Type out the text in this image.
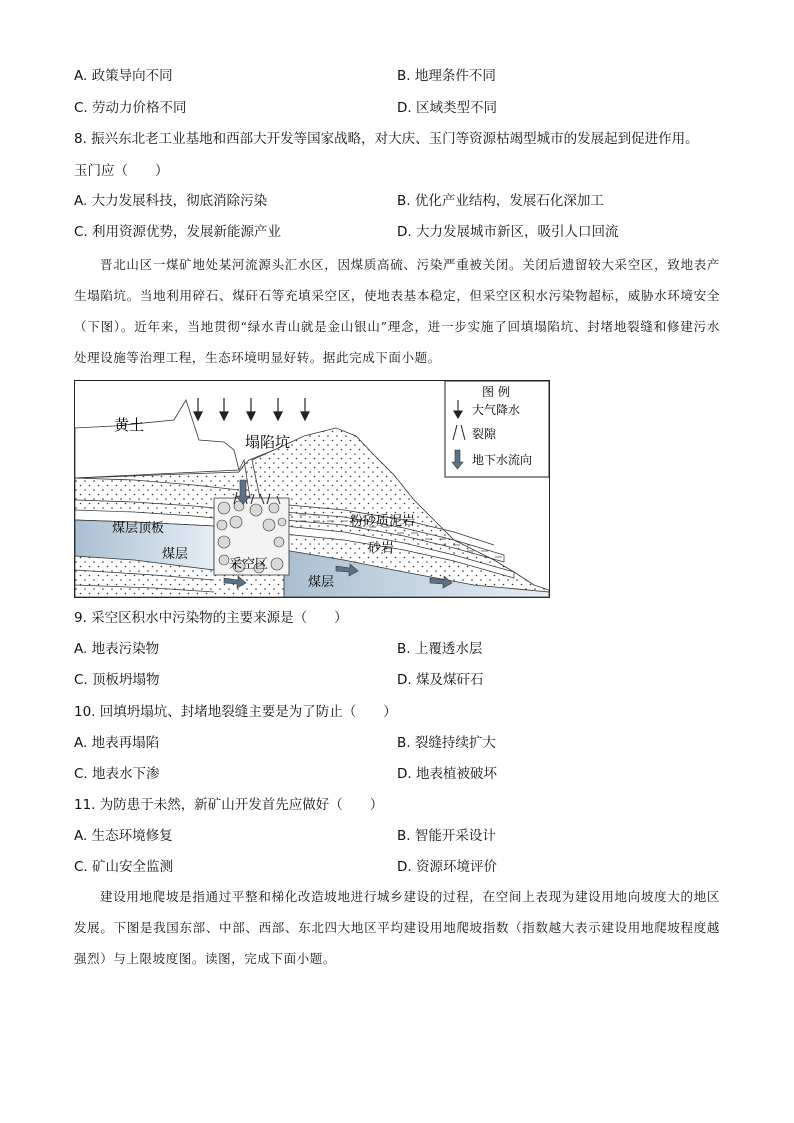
A. 政策导向不同	B. 地理条件不同
C. 劳动力价格不同	D. 区域类型不同
8. 振兴东北老工业基地和西部大开发等国家战略，对大庆、玉门等资源枯竭型城市的发展起到促进作用。
玉门应（　　）
A. 大力发展科技，彻底消除污染	B. 优化产业结构，发展石化深加工
C. 利用资源优势，发展新能源产业	D. 大力发展城市新区，吸引人口回流

晋北山区一煤矿地处某河流源头汇水区，因煤质高硫、污染严重被关闭。关闭后遗留较大采空区，致地表产生塌陷坑。当地利用碎石、煤矸石等充填采空区，使地表基本稳定，但采空区积水污染物超标，威胁水环境安全（下图）。近年来，当地贯彻“绿水青山就是金山银山”理念，进一步实施了回填塌陷坑、封堵地裂缝和修建污水处理设施等治理工程，生态环境明显好转。据此完成下面小题。

黄土
塌陷坑
粉砂质泥岩
砂岩
煤层顶板
煤层
煤层
采空区
图 例
大气降水
裂隙
地下水流向
9. 采空区积水中污染物的主要来源是（　　）
A. 地表污染物	B. 上覆透水层
C. 顶板坍塌物	D. 煤及煤矸石
10. 回填坍塌坑、封堵地裂缝主要是为了防止（　　）
A. 地表再塌陷	B. 裂缝持续扩大
C. 地表水下渗	D. 地表植被破坏
11. 为防患于未然，新矿山开发首先应做好（　　）
A. 生态环境修复	B. 智能开采设计
C. 矿山安全监测	D. 资源环境评价

建设用地爬坡是指通过平整和梯化改造坡地进行城乡建设的过程，在空间上表现为建设用地向坡度大的地区发展。下图是我国东部、中部、西部、东北四大地区平均建设用地爬坡指数（指数越大表示建设用地爬坡程度越强烈）与上限坡度图。读图，完成下面小题。
